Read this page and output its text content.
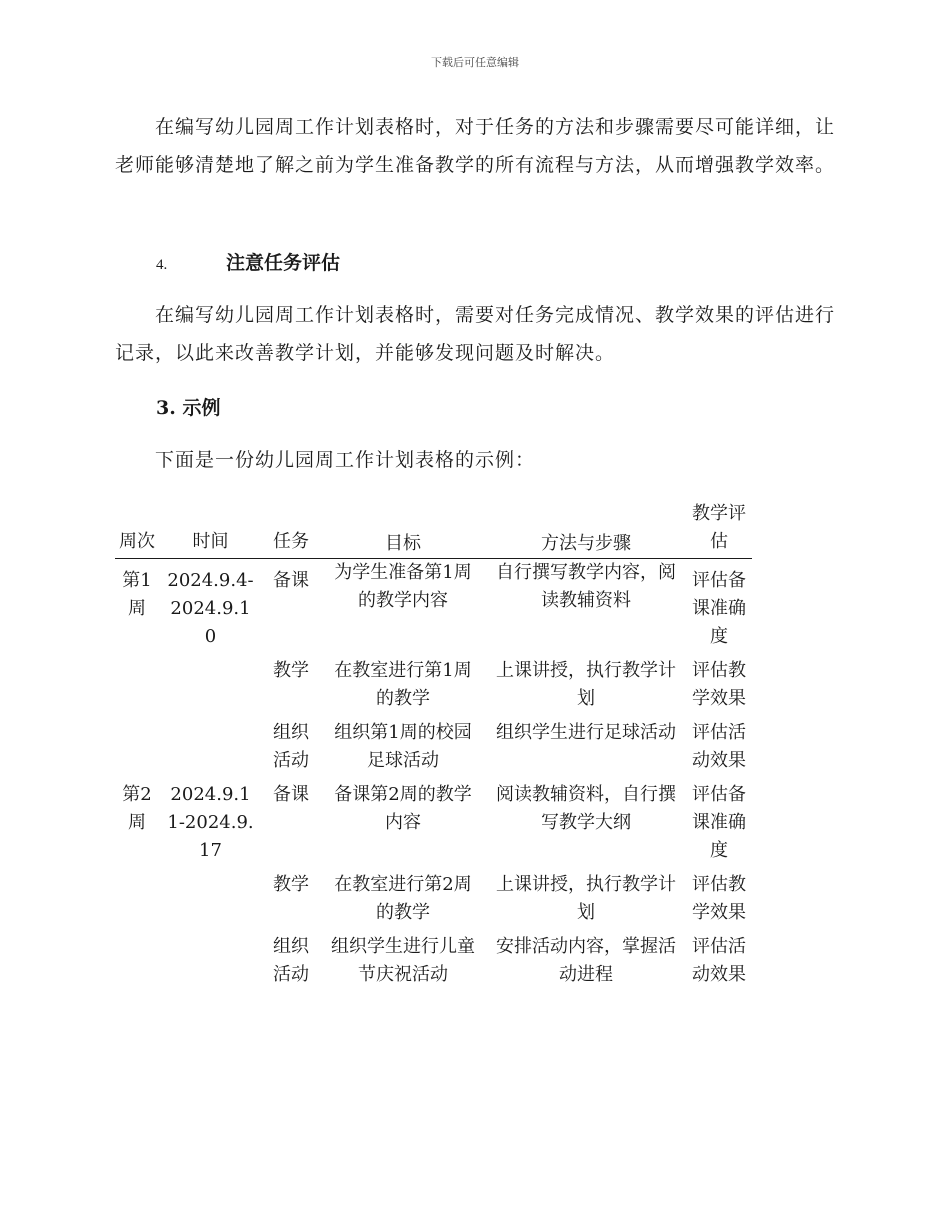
下载后可任意编辑

在编写幼儿园周工作计划表格时，对于任务的方法和步骤需要尽可能详细，让老师能够清楚地了解之前为学生准备教学的所有流程与方法，从而增强教学效率。

4.	注意任务评估

在编写幼儿园周工作计划表格时，需要对任务完成情况、教学效果的评估进行记录，以此来改善教学计划，并能够发现问题及时解决。

3. 示例

下面是一份幼儿园周工作计划表格的示例：

周次	时间	任务	目标	方法与步骤	教学评估
第1周	2024.9.4-2024.9.10	备课	为学生准备第1周的教学内容	自行撰写教学内容，阅读教辅资料	评估备课准确度
		教学	在教室进行第1周的教学	上课讲授，执行教学计划	评估教学效果
		组织活动	组织第1周的校园足球活动	组织学生进行足球活动	评估活动效果
第2周	2024.9.11-2024.9.17	备课	备课第2周的教学内容	阅读教辅资料，自行撰写教学大纲	评估备课准确度
		教学	在教室进行第2周的教学	上课讲授，执行教学计划	评估教学效果
		组织活动	组织学生进行儿童节庆祝活动	安排活动内容，掌握活动进程	评估活动效果
